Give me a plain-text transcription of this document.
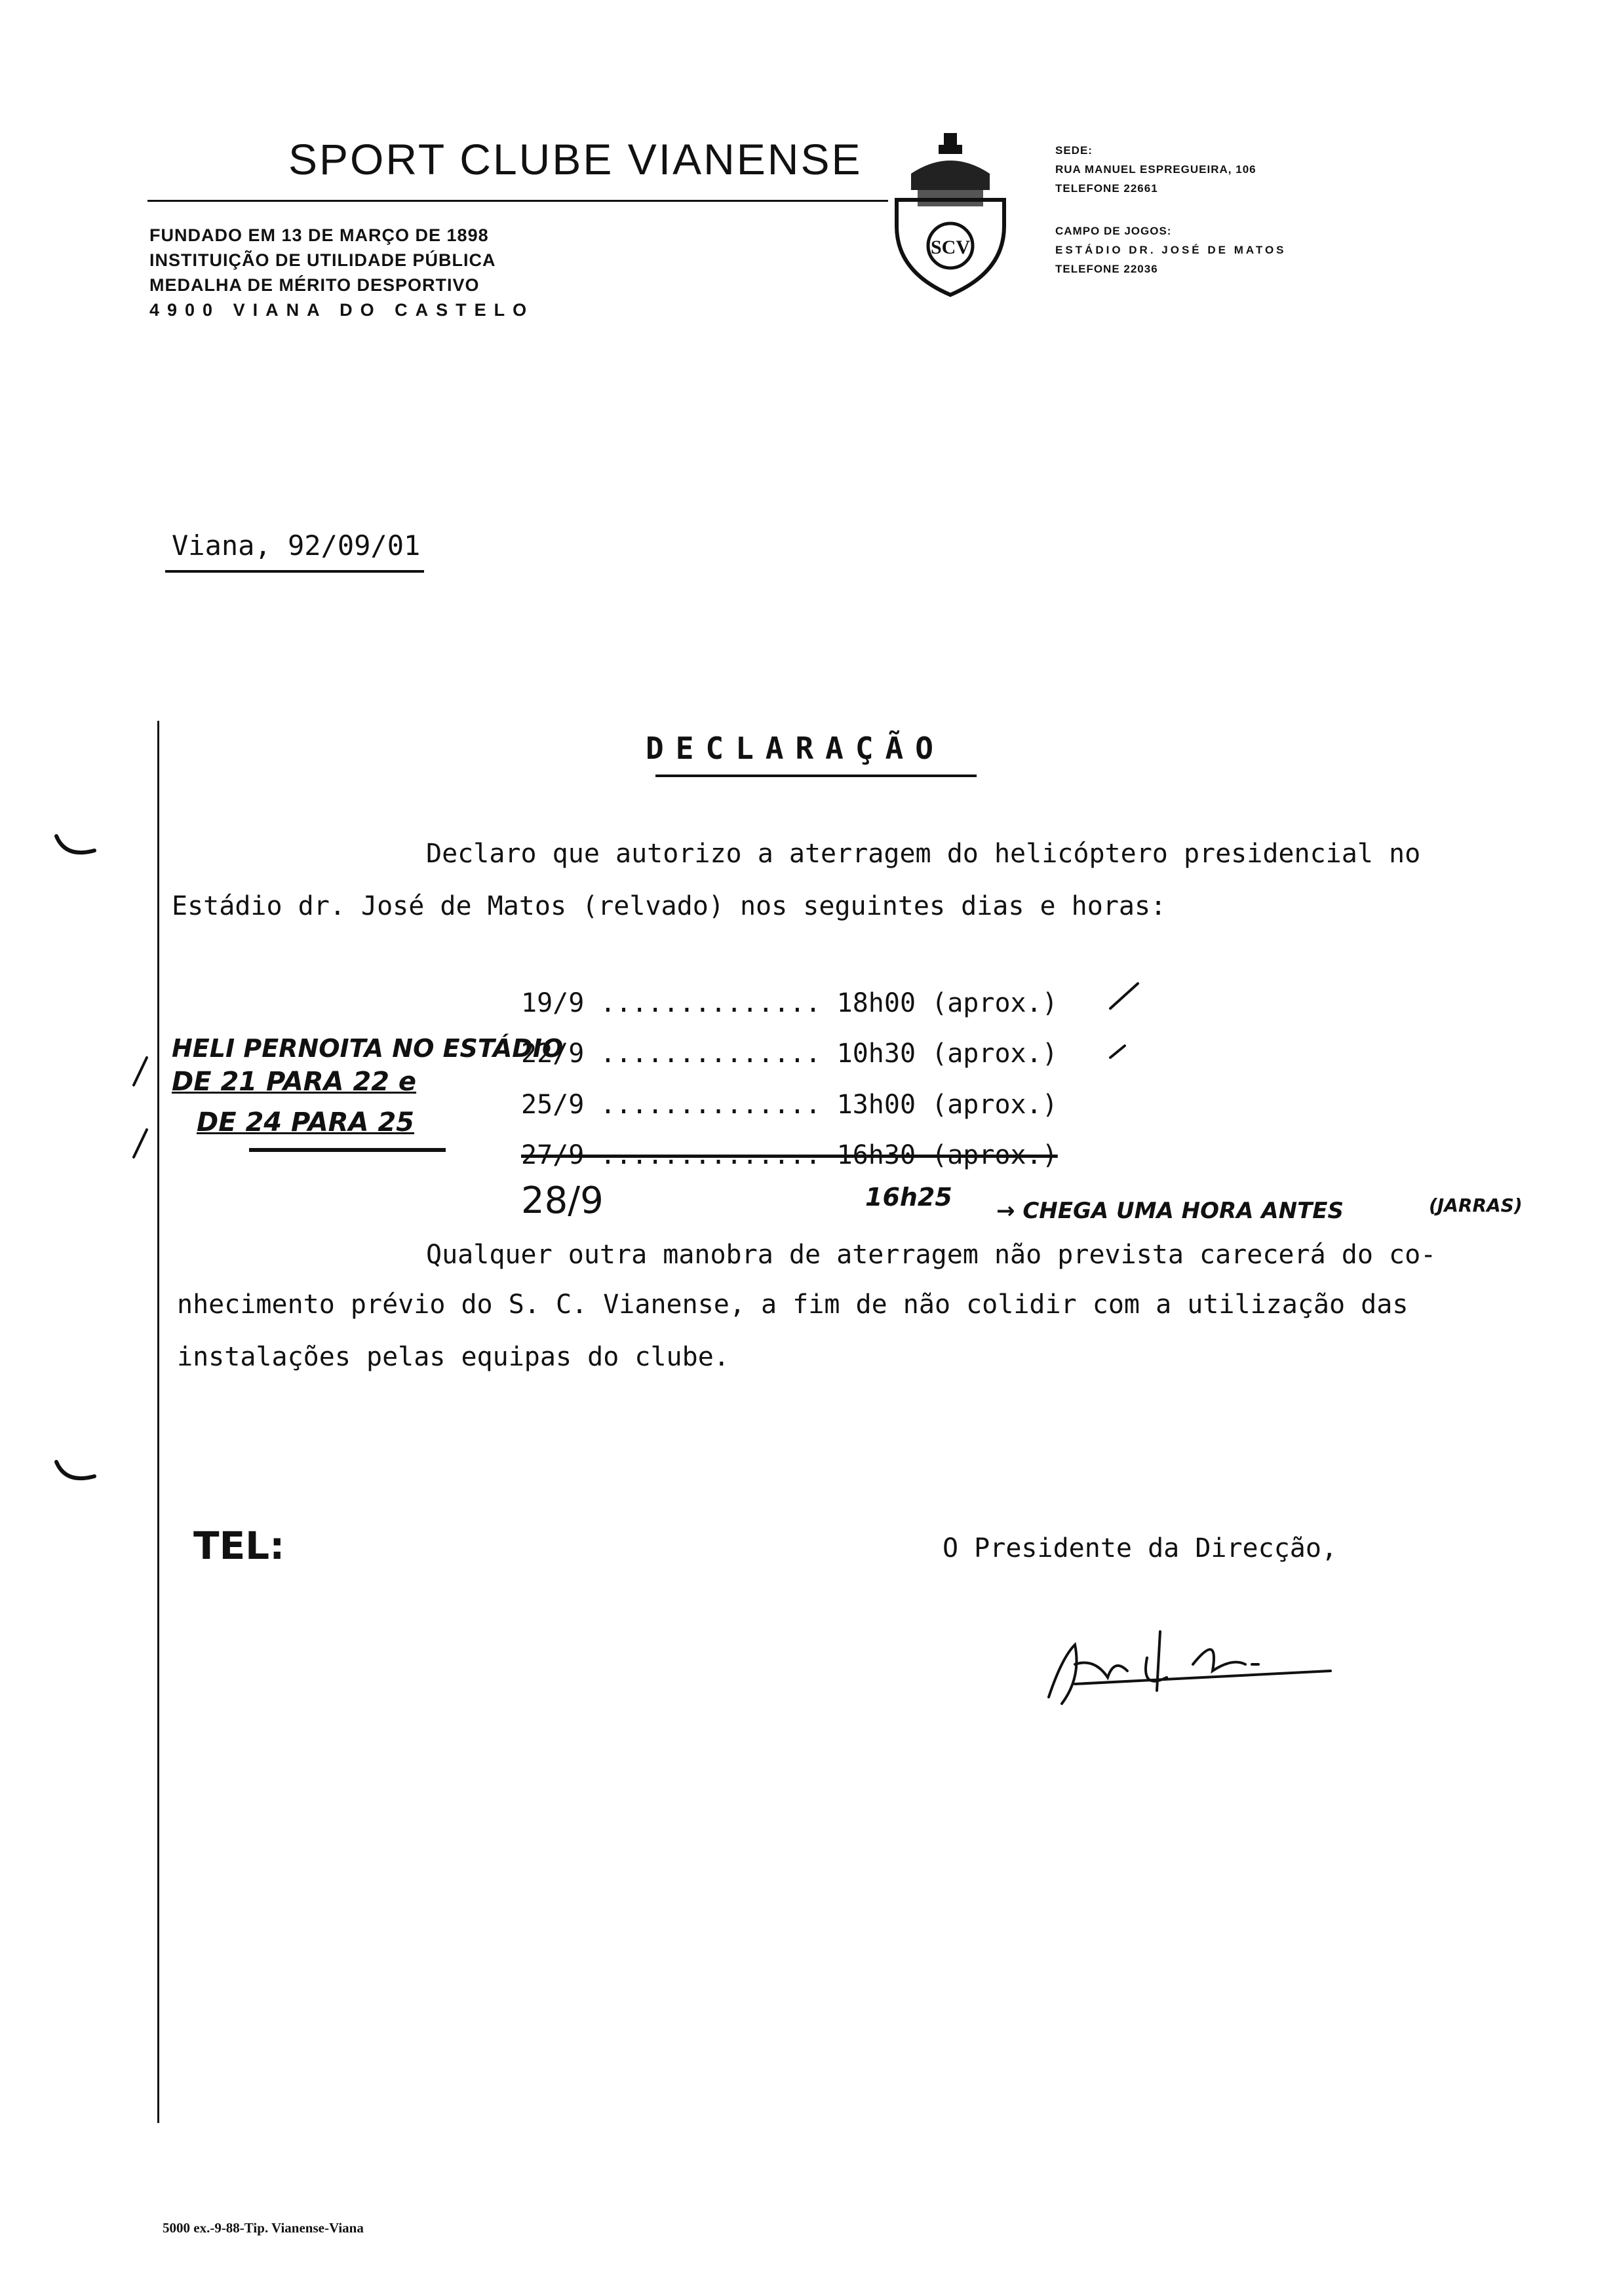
SPORT CLUBE VIANENSE
FUNDADO EM 13 DE MARÇO DE 1898
INSTITUIÇÃO DE UTILIDADE PÚBLICA
MEDALHA DE MÉRITO DESPORTIVO
4900 VIANA DO CASTELO
SCV
SEDE:
RUA MANUEL ESPREGUEIRA, 106
TELEFONE 22661
CAMPO DE JOGOS:
ESTÁDIO DR. JOSÉ DE MATOS
TELEFONE 22036
Viana, 92/09/01
DECLARAÇÃO
Declaro que autorizo a aterragem do helicóptero presidencial no
Estádio dr. José de Matos (relvado) nos seguintes dias e horas:
19/9 .............. 18h00 (aprox.)
22/9 .............. 10h30 (aprox.)
25/9 .............. 13h00 (aprox.)
27/9 .............. 16h30 (aprox.)
HELI PERNOITA NO ESTÁDIO
DE 21 PARA 22 e
DE 24 PARA 25
28/9	16h25 → CHEGA UMA HORA ANTES	(JARRAS)
Qualquer outra manobra de aterragem não prevista carecerá do co-
nhecimento prévio do S. C. Vianense, a fim de não colidir com a utilização das
instalações pelas equipas do clube.
TEL:	O Presidente da Direcção,
5000 ex.-9-88-Tip. Vianense-Viana
